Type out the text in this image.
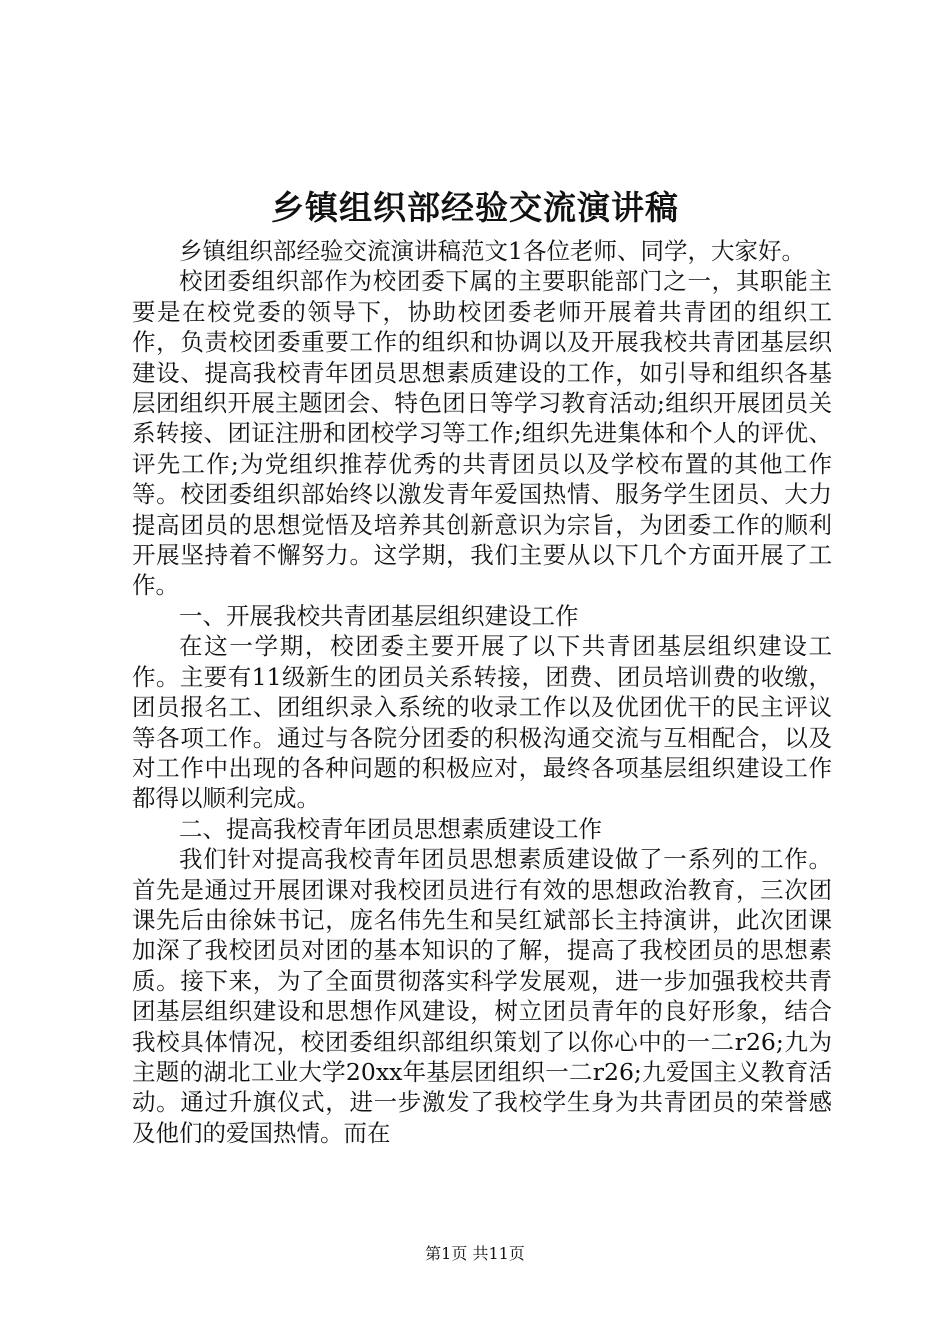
乡镇组织部经验交流演讲稿

乡镇组织部经验交流演讲稿范文1各位老师、同学，大家好。

校团委组织部作为校团委下属的主要职能部门之一，其职能主要是在校党委的领导下，协助校团委老师开展着共青团的组织工作，负责校团委重要工作的组织和协调以及开展我校共青团基层织建设、提高我校青年团员思想素质建设的工作，如引导和组织各基层团组织开展主题团会、特色团日等学习教育活动;组织开展团员关系转接、团证注册和团校学习等工作;组织先进集体和个人的评优、评先工作;为党组织推荐优秀的共青团员以及学校布置的其他工作等。校团委组织部始终以激发青年爱国热情、服务学生团员、大力提高团员的思想觉悟及培养其创新意识为宗旨，为团委工作的顺利开展坚持着不懈努力。这学期，我们主要从以下几个方面开展了工作。

一、开展我校共青团基层组织建设工作

在这一学期，校团委主要开展了以下共青团基层组织建设工作。主要有11级新生的团员关系转接，团费、团员培训费的收缴，团员报名工、团组织录入系统的收录工作以及优团优干的民主评议等各项工作。通过与各院分团委的积极沟通交流与互相配合，以及对工作中出现的各种问题的积极应对，最终各项基层组织建设工作都得以顺利完成。

二、提高我校青年团员思想素质建设工作

我们针对提高我校青年团员思想素质建设做了一系列的工作。首先是通过开展团课对我校团员进行有效的思想政治教育，三次团课先后由徐妹书记，庞名伟先生和吴红斌部长主持演讲，此次团课加深了我校团员对团的基本知识的了解，提高了我校团员的思想素质。接下来，为了全面贯彻落实科学发展观，进一步加强我校共青团基层组织建设和思想作风建设，树立团员青年的良好形象，结合我校具体情况，校团委组织部组织策划了以你心中的一二r26;九为主题的湖北工业大学20xx年基层团组织一二r26;九爱国主义教育活动。通过升旗仪式，进一步激发了我校学生身为共青团员的荣誉感及他们的爱国热情。而在

第1页 共11页
